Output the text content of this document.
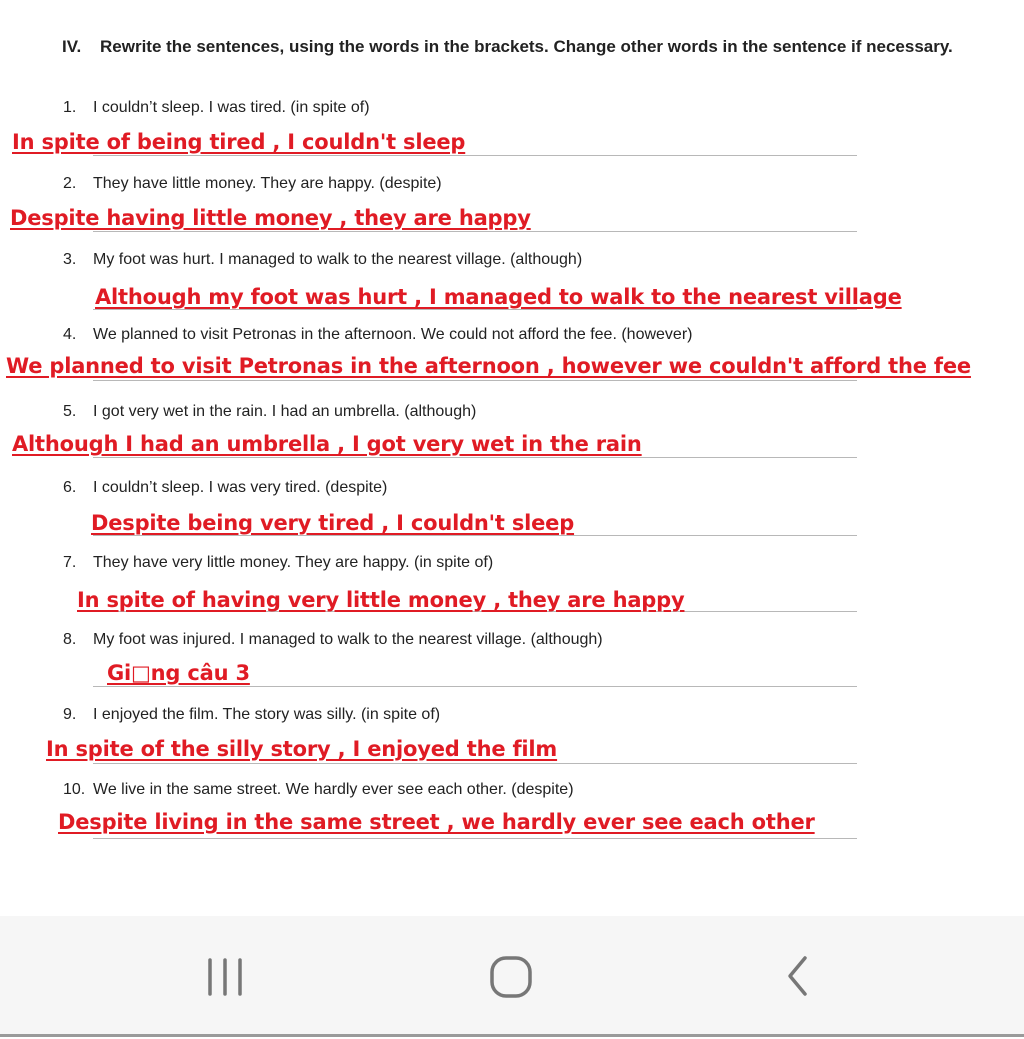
IV.	Rewrite the sentences, using the words in the brackets. Change other words in the sentence if necessary.
1. I couldn’t sleep. I was tired. (in spite of)
In spite of being tired , I couldn't sleep
2. They have little money. They are happy. (despite)
Despite having little money , they are happy
3. My foot was hurt. I managed to walk to the nearest village. (although)
Although my foot was hurt , I managed to walk to the nearest village
4. We planned to visit Petronas in the afternoon. We could not afford the fee. (however)
We planned to visit Petronas in the afternoon , however we couldn't afford the fee
5. I got very wet in the rain. I had an umbrella. (although)
Although I had an umbrella , I got very wet in the rain
6. I couldn’t sleep. I was very tired. (despite)
Despite being very tired , I couldn't sleep
7. They have very little money. They are happy. (in spite of)
In spite of having very little money , they are happy
8. My foot was injured. I managed to walk to the nearest village. (although)
Gi□ng câu 3
9. I enjoyed the film. The story was silly. (in spite of)
In spite of the silly story , I enjoyed the film
10. We live in the same street. We hardly ever see each other. (despite)
Despite living in the same street , we hardly ever see each other
